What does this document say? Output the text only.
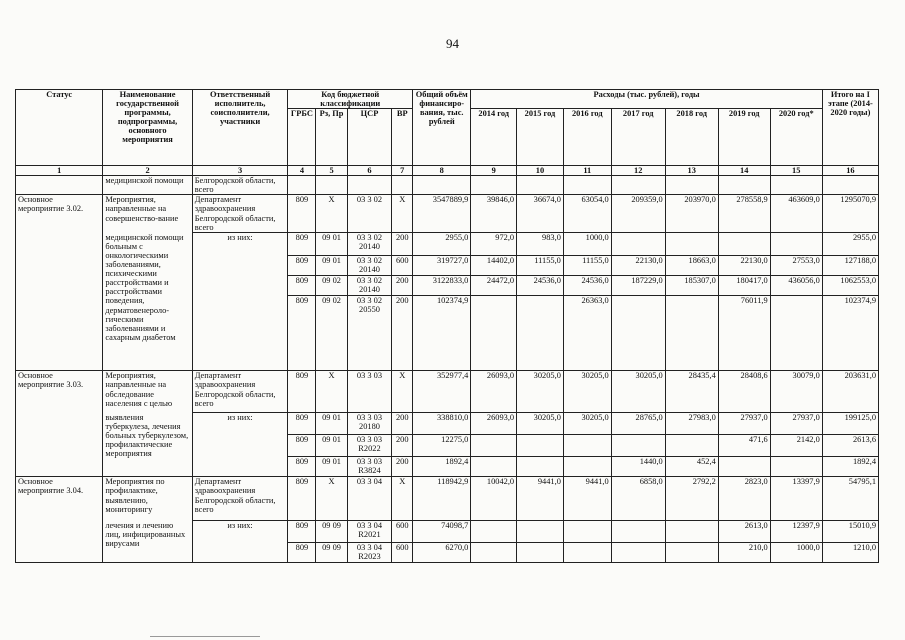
94
Статус	Наименование государственной программы, подпрограммы, основного мероприятия	Ответственный исполнитель, соисполнители, участники	Код бюджетной классификации				Общий объём финансиро-вания, тыс. рублей	Расходы (тыс. рублей), годы							Итого на I этапе (2014-2020 годы)
			ГРБС	Рз, Пр	ЦСР	ВР		2014 год	2015 год	2016 год	2017 год	2018 год	2019 год	2020 год*	
1	2	3	4	5	6	7	8	9	10	11	12	13	14	15	16
	медицинской помощи	Белгородской области, всего													
Основное мероприятие 3.02.	Мероприятия, направленные на совершенство-вание	Департамент здравоохранения Белгородской области, всего	809	Х	03 3 02	Х	3547889,9	39846,0	36674,0	63054,0	209359,0	203970,0	278558,9	463609,0	1295070,9
	медицинской помощи больным с онкологическими заболеваниями, психическими расстройствами и расстройствами поведения, дерматовенероло-гическими заболеваниями и сахарным диабетом	из них:	809	09 01	03 3 02 20140	200	2955,0	972,0	983,0	1000,0					2955,0
			809	09 01	03 3 02 20140	600	319727,0	14402,0	11155,0	11155,0	22130,0	18663,0	22130,0	27553,0	127188,0
			809	09 02	03 3 02 20140	200	3122833,0	24472,0	24536,0	24536,0	187229,0	185307,0	180417,0	436056,0	1062553,0
			809	09 02	03 3 02 20550	200	102374,9			26363,0			76011,9		102374,9
Основное мероприятие 3.03.	Мероприятия, направленные на обследование населения с целью	Департамент здравоохранения Белгородской области, всего	809	Х	03 3 03	Х	352977,4	26093,0	30205,0	30205,0	30205,0	28435,4	28408,6	30079,0	203631,0
	выявления туберкулеза, лечения больных туберкулезом, профилактические мероприятия	из них:	809	09 01	03 3 03 20180	200	338810,0	26093,0	30205,0	30205,0	28765,0	27983,0	27937,0	27937,0	199125,0
			809	09 01	03 3 03 R2022	200	12275,0						471,6	2142,0	2613,6
			809	09 01	03 3 03 R3824	200	1892,4				1440,0	452,4			1892,4
Основное мероприятие 3.04.	Мероприятия по профилактике, выявлению, мониторингу	Департамент здравоохранения Белгородской области, всего	809	Х	03 3 04	Х	118942,9	10042,0	9441,0	9441,0	6858,0	2792,2	2823,0	13397,9	54795,1
	лечения и лечению лиц, инфицированных вирусами	из них:	809	09 09	03 3 04 R2021	600	74098,7						2613,0	12397,9	15010,9
			809	09 09	03 3 04 R2023	600	6270,0						210,0	1000,0	1210,0
